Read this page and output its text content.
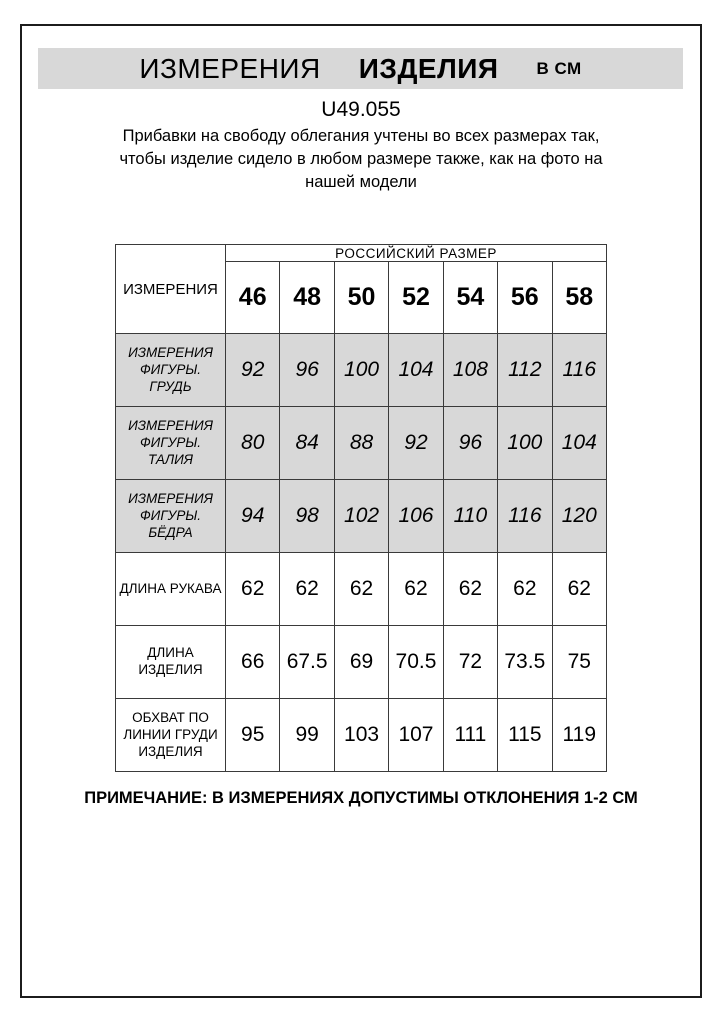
ИЗМЕРЕНИЯ ИЗДЕЛИЯ В СМ
U49.055
Прибавки на свободу облегания учтены во всех размерах так, чтобы изделие сидело в любом размере также, как на фото на нашей модели
ИЗМЕРЕНИЯ	РОССИЙСКИЙ РАЗМЕР						
	46	48	50	52	54	56	58
ИЗМЕРЕНИЯ ФИГУРЫ. ГРУДЬ	92	96	100	104	108	112	116
ИЗМЕРЕНИЯ ФИГУРЫ. ТАЛИЯ	80	84	88	92	96	100	104
ИЗМЕРЕНИЯ ФИГУРЫ. БЁДРА	94	98	102	106	110	116	120
ДЛИНА РУКАВА	62	62	62	62	62	62	62
ДЛИНА ИЗДЕЛИЯ	66	67.5	69	70.5	72	73.5	75
ОБХВАТ ПО ЛИНИИ ГРУДИ ИЗДЕЛИЯ	95	99	103	107	111	115	119
ПРИМЕЧАНИЕ: В ИЗМЕРЕНИЯХ ДОПУСТИМЫ ОТКЛОНЕНИЯ 1-2 СМ
